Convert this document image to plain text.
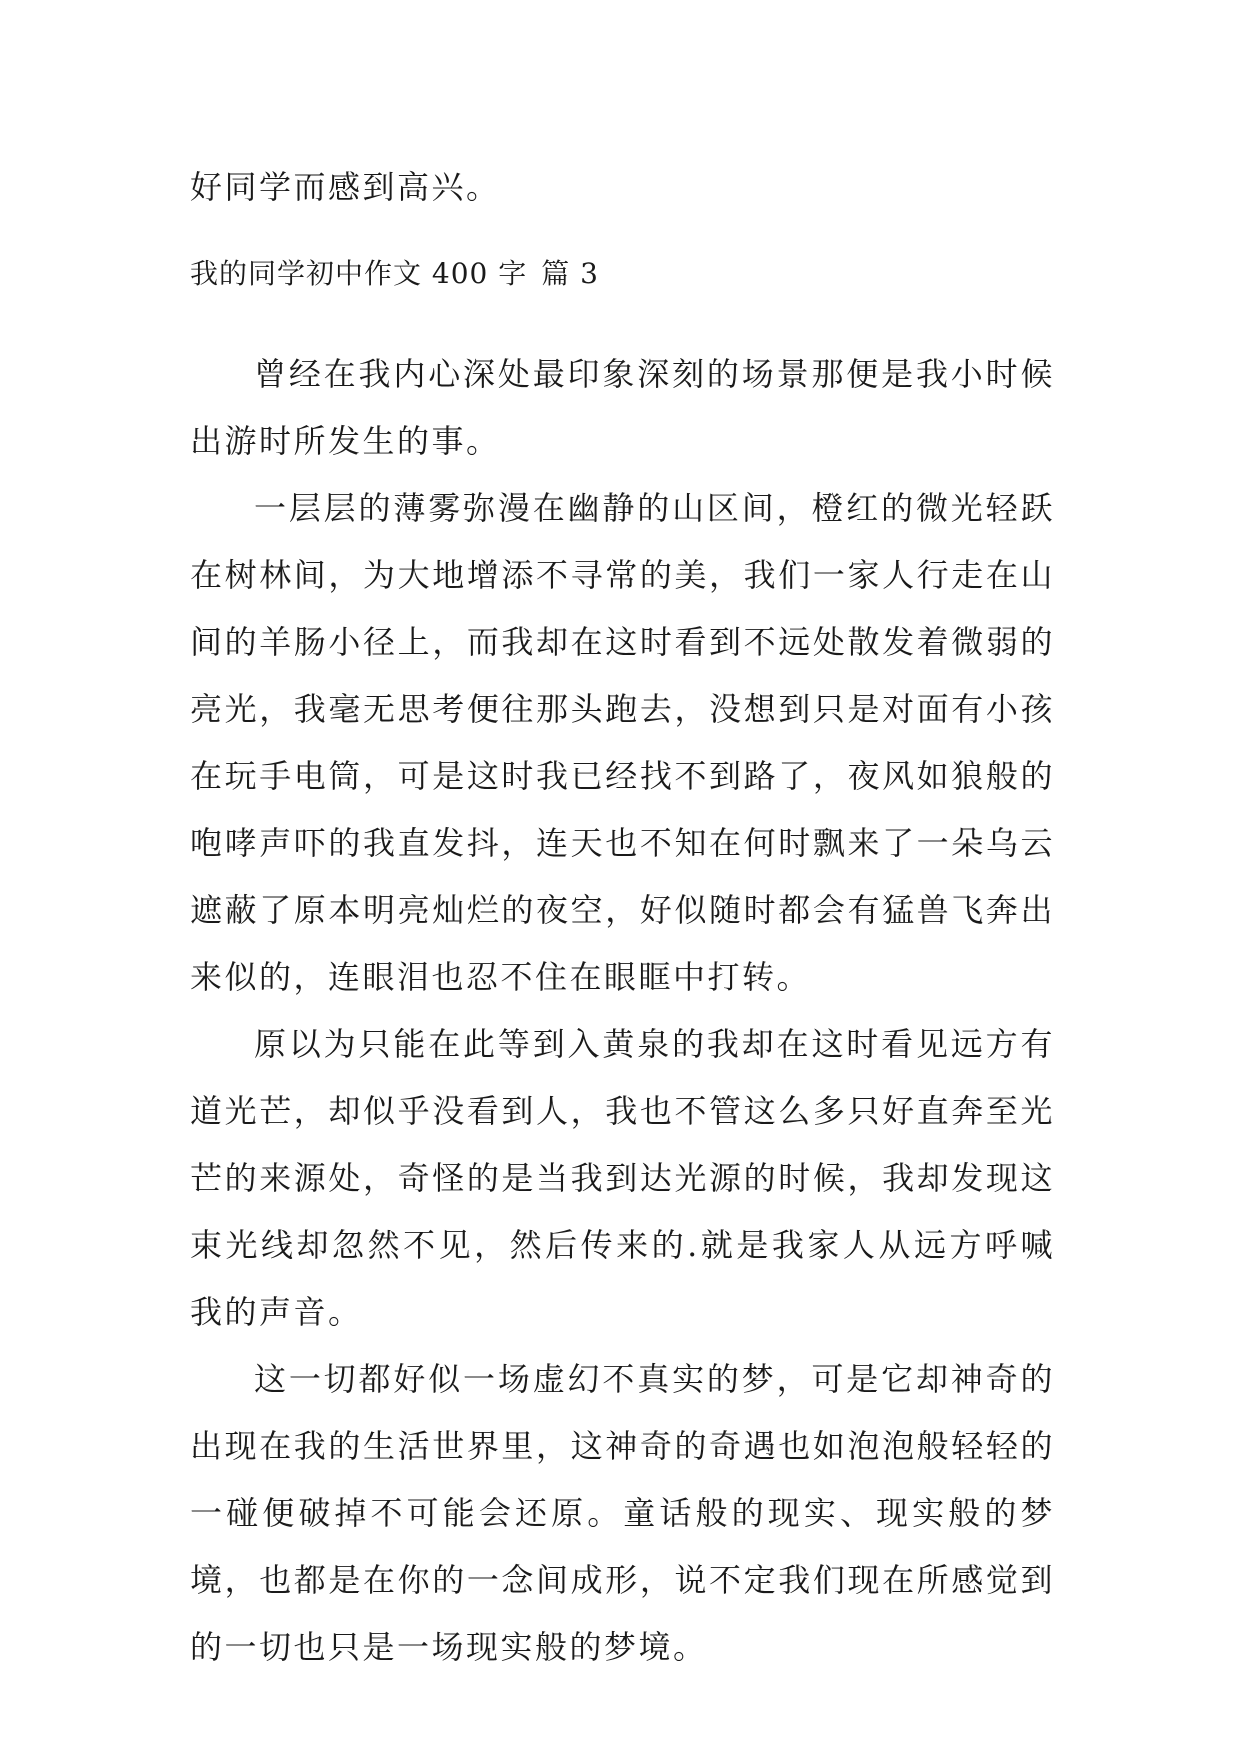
好同学而感到高兴。
我的同学初中作文 400 字 篇 3

曾经在我内心深处最印象深刻的场景那便是我小时候出游时所发生的事。

一层层的薄雾弥漫在幽静的山区间，橙红的微光轻跃在树林间，为大地增添不寻常的美，我们一家人行走在山间的羊肠小径上，而我却在这时看到不远处散发着微弱的亮光，我毫无思考便往那头跑去，没想到只是对面有小孩在玩手电筒，可是这时我已经找不到路了，夜风如狼般的咆哮声吓的我直发抖，连天也不知在何时飘来了一朵乌云遮蔽了原本明亮灿烂的夜空，好似随时都会有猛兽飞奔出来似的，连眼泪也忍不住在眼眶中打转。

原以为只能在此等到入黄泉的我却在这时看见远方有道光芒，却似乎没看到人，我也不管这么多只好直奔至光芒的来源处，奇怪的是当我到达光源的时候，我却发现这束光线却忽然不见，然后传来的.就是我家人从远方呼喊我的声音。

这一切都好似一场虚幻不真实的梦，可是它却神奇的出现在我的生活世界里，这神奇的奇遇也如泡泡般轻轻的一碰便破掉不可能会还原。童话般的现实、现实般的梦境，也都是在你的一念间成形，说不定我们现在所感觉到的一切也只是一场现实般的梦境。
